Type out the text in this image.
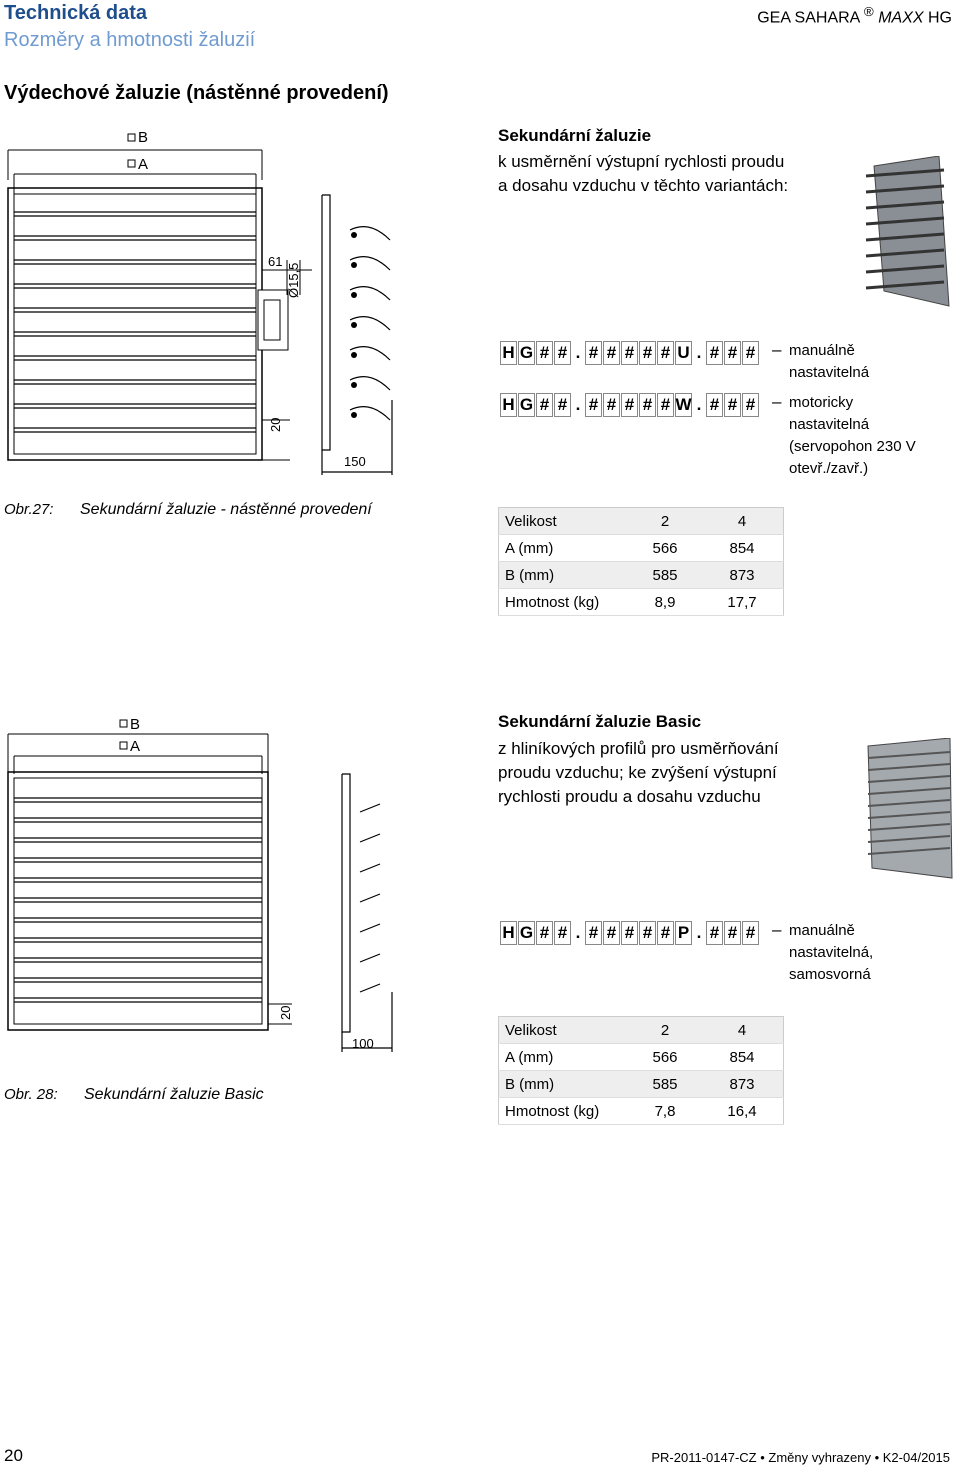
Technická data
Rozměry a hmotnosti žaluzií
GEA SAHARA ® MAXX HG
Výdechové žaluzie (nástěnné provedení)
B
A
61
Ø15,5
20
150
Sekundární žaluzie
k usměrnění výstupní rychlosti proudu
a dosahu vzduchu v těchto variantách:
H G # # . # # # # # U . # # # – manuálně
nastavitelná
H G # # . # # # # # W . # # # – motoricky
nastavitelná
(servopohon 230 V
otevř./zavř.)
Obr.27: Sekundární žaluzie - nástěnné provedení
Velikost	2	4
A (mm)	566	854
B (mm)	585	873
Hmotnost (kg)	8,9	17,7
B
A
20
100
Sekundární žaluzie Basic
z hliníkových profilů pro usměrňování
proudu vzduchu; ke zvýšení výstupní
rychlosti proudu a dosahu vzduchu
H G # # . # # # # # P . # # # – manuálně
nastavitelná,
samosvorná
Velikost	2	4
A (mm)	566	854
B (mm)	585	873
Hmotnost (kg)	7,8	16,4
Obr. 28: Sekundární žaluzie Basic
20	PR-2011-0147-CZ • Změny vyhrazeny • K2-04/2015
